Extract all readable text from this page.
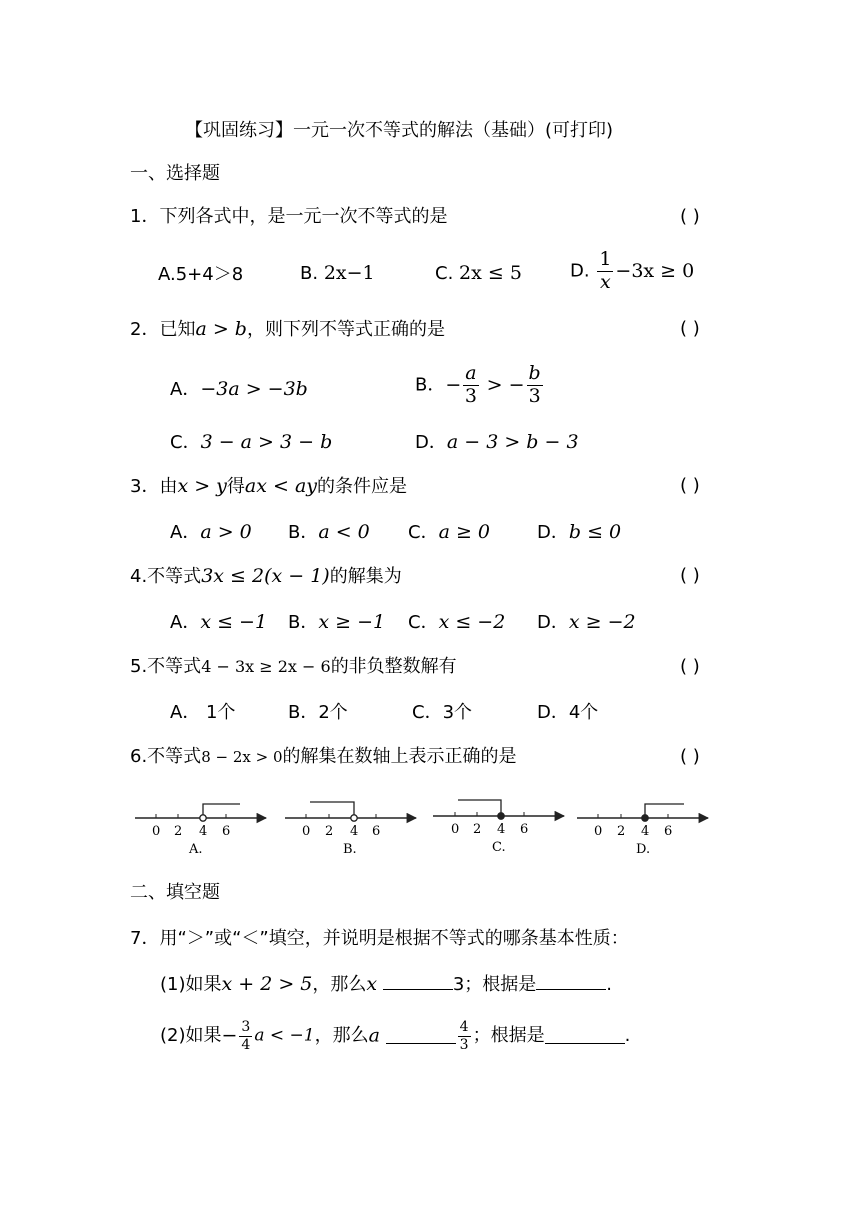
【巩固练习】一元一次不等式的解法（基础）(可打印)
一、选择题
1．下列各式中，是一元一次不等式的是	( )
A.5+4＞8	B. 2x−1	C. 2x ≤ 5	D. $\frac{1}{x} -3x \ge 0$
2．已知a > b，则下列不等式正确的是	( )
A．−3a > −3b	B．− $\frac{a}{3}$ > − $\frac{b}{3}$
C．3 − a > 3 − b	D．a − 3 > b − 3
3．由x > y得ax < ay的条件应是	( )
A．a > 0 B．a < 0 C．a ≥ 0	D．b ≤ 0
4.不等式3x ≤ 2(x − 1)的解集为	( )
A．x ≤ −1 B．x ≥ −1 C．x ≤ −2 D．x ≥ −2
5.不等式4 − 3x ≥ 2x − 6的非负整数解有	( )
A． 1个	B．2个	C．3个	D．4个
6.不等式8 − 2x > 0的解集在数轴上表示正确的是	( )
0 2 4 6
A.
0 2 4 6
B.
0 2 4 6
C.
0 2 4 6
D.
二、填空题
7．用“＞”或“＜”填空，并说明是根据不等式的哪条基本性质：
(1)如果x + 2 > 5，那么x	3；根据是	.
(2)如果− $\frac{3}{4}$ a < −1，那么a	$\frac{4}{3}$ ；根据是	.
